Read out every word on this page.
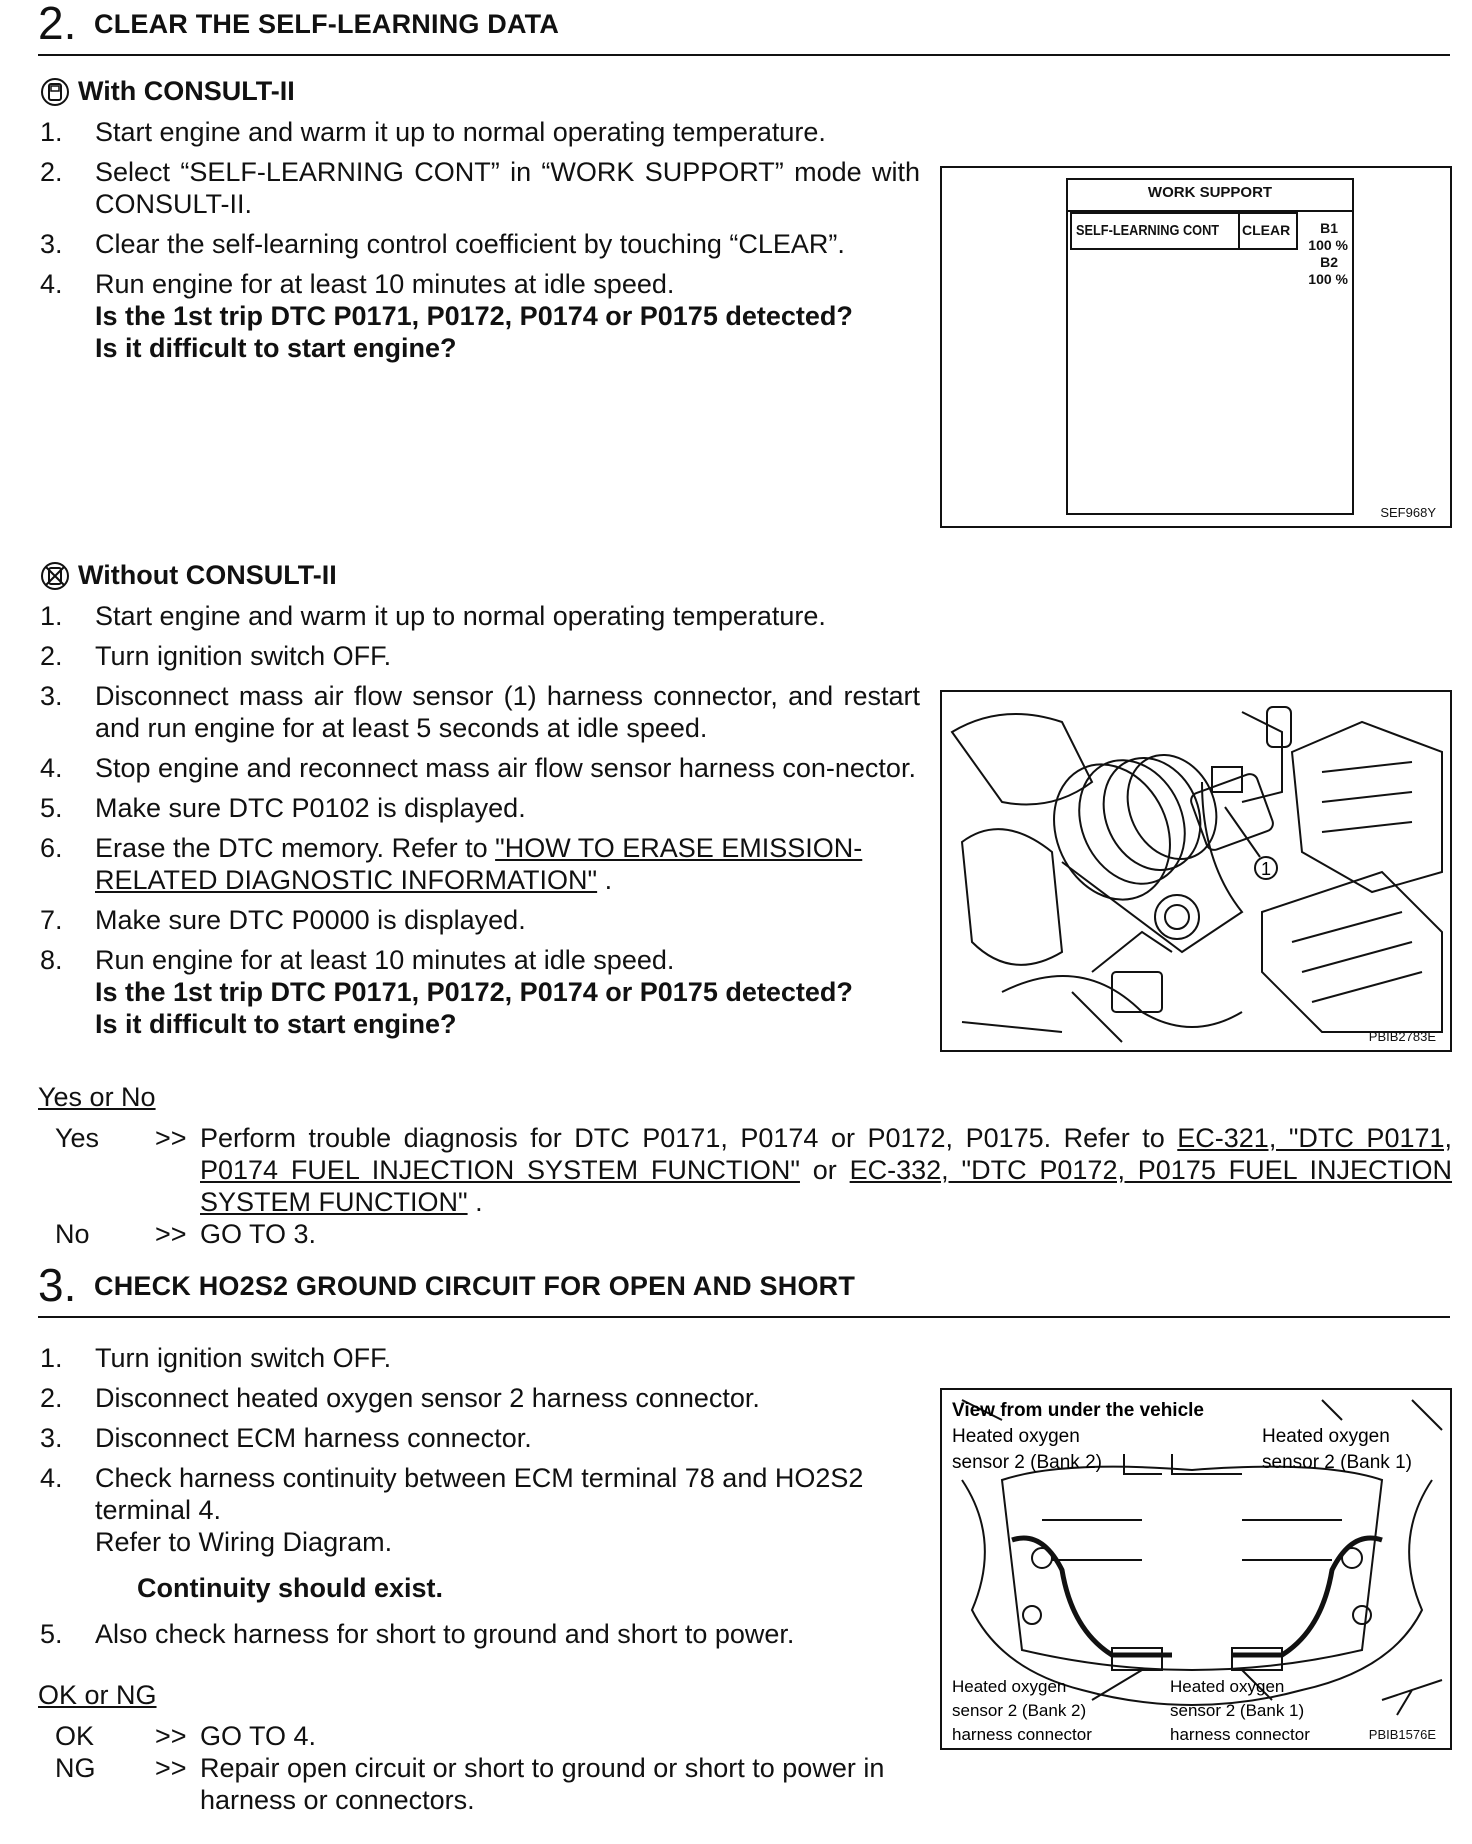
2. CLEAR THE SELF-LEARNING DATA
With CONSULT-II
1.	Start engine and warm it up to normal operating temperature.
2.	Select “SELF-LEARNING CONT” in “WORK SUPPORT” mode with CONSULT-II.
3.	Clear the self-learning control coefficient by touching “CLEAR”.
4.	Run engine for at least 10 minutes at idle speed.
Is the 1st trip DTC P0171, P0172, P0174 or P0175 detected?
Is it difficult to start engine?
WORK SUPPORT
SELF-LEARNING CONT CLEAR	B1
100 %
B2
100 %
SEF968Y
Without CONSULT-II
1.	Start engine and warm it up to normal operating temperature.
2.	Turn ignition switch OFF.
3.	Disconnect mass air flow sensor (1) harness connector, and restart and run engine for at least 5 seconds at idle speed.
4.	Stop engine and reconnect mass air flow sensor harness con-nector.
5.	Make sure DTC P0102 is displayed.
6.	Erase the DTC memory. Refer to "HOW TO ERASE EMISSION-RELATED DIAGNOSTIC INFORMATION" .
7.	Make sure DTC P0000 is displayed.
8.	Run engine for at least 10 minutes at idle speed.
Is the 1st trip DTC P0171, P0172, P0174 or P0175 detected?
Is it difficult to start engine?
1
PBIB2783E
Yes or No
Yes	>> Perform trouble diagnosis for DTC P0171, P0174 or P0172, P0175. Refer to EC-321, "DTC P0171, P0174 FUEL INJECTION SYSTEM FUNCTION" or EC-332, "DTC P0172, P0175 FUEL INJECTION SYSTEM FUNCTION" .
No	>> GO TO 3.
3. CHECK HO2S2 GROUND CIRCUIT FOR OPEN AND SHORT
1.	Turn ignition switch OFF.
2.	Disconnect heated oxygen sensor 2 harness connector.
3.	Disconnect ECM harness connector.
4.	Check harness continuity between ECM terminal 78 and HO2S2 terminal 4.
Refer to Wiring Diagram.
Continuity should exist.
5.	Also check harness for short to ground and short to power.
OK or NG
OK	>> GO TO 4.
NG	>> Repair open circuit or short to ground or short to power in harness or connectors.
View from under the vehicle
Heated oxygen
sensor 2 (Bank 2)
Heated oxygen
sensor 2 (Bank 1)
Heated oxygen
sensor 2 (Bank 2)
harness connector
Heated oxygen
sensor 2 (Bank 1)
harness connector	PBIB1576E
